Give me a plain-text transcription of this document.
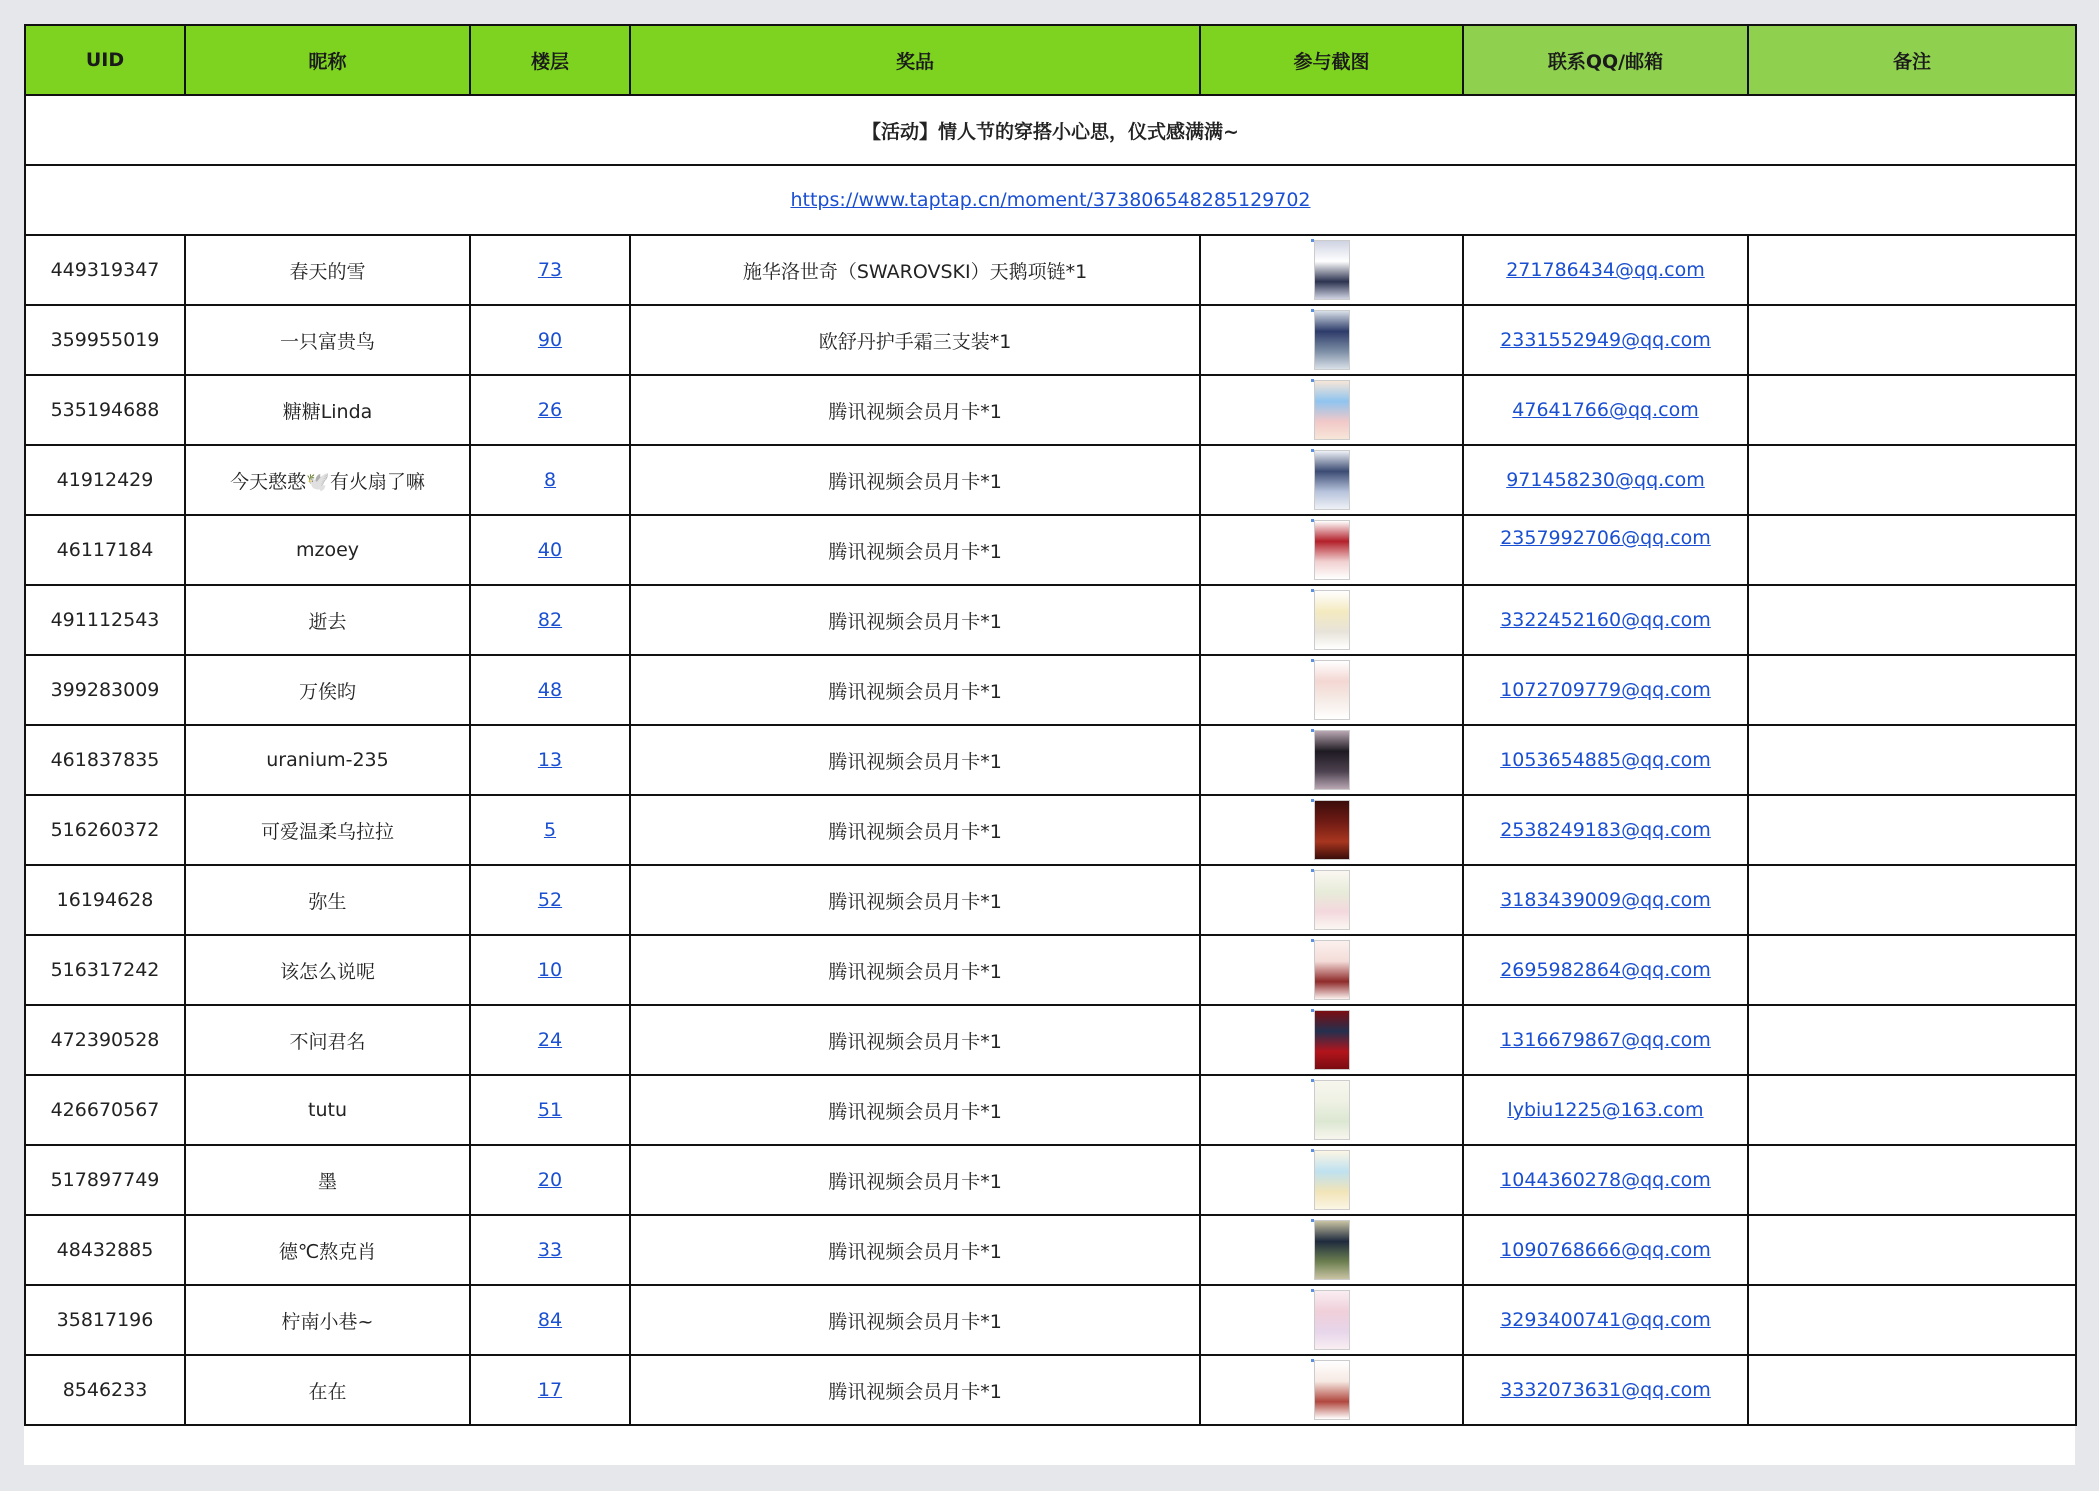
UID	昵称	楼层	奖品	参与截图	联系QQ/邮箱	备注
【活动】情人节的穿搭小心思，仪式感满满~						
https://www.taptap.cn/moment/373806548285129702						
449319347	春天的雪	73	施华洛世奇（SWAROVSKI）天鹅项链*1		271786434@qq.com	
359955019	一只富贵鸟	90	欧舒丹护手霜三支装*1		2331552949@qq.com	
535194688	糖糖Linda	26	腾讯视频会员月卡*1		47641766@qq.com	
41912429	今天憨憨🕊️有火扇了嘛	8	腾讯视频会员月卡*1		971458230@qq.com	
46117184	mzoey	40	腾讯视频会员月卡*1		2357992706@qq.com	
491112543	逝去	82	腾讯视频会员月卡*1		3322452160@qq.com	
399283009	万俟昀	48	腾讯视频会员月卡*1		1072709779@qq.com	
461837835	uranium-235	13	腾讯视频会员月卡*1		1053654885@qq.com	
516260372	可爱温柔乌拉拉	5	腾讯视频会员月卡*1		2538249183@qq.com	
16194628	弥生	52	腾讯视频会员月卡*1		3183439009@qq.com	
516317242	该怎么说呢	10	腾讯视频会员月卡*1		2695982864@qq.com	
472390528	不问君名	24	腾讯视频会员月卡*1		1316679867@qq.com	
426670567	tutu	51	腾讯视频会员月卡*1		lybiu1225@163.com	
517897749	墨	20	腾讯视频会员月卡*1		1044360278@qq.com	
48432885	德℃熬克肖	33	腾讯视频会员月卡*1		1090768666@qq.com	
35817196	柠南小巷~	84	腾讯视频会员月卡*1		3293400741@qq.com	
8546233	在在	17	腾讯视频会员月卡*1		3332073631@qq.com	
